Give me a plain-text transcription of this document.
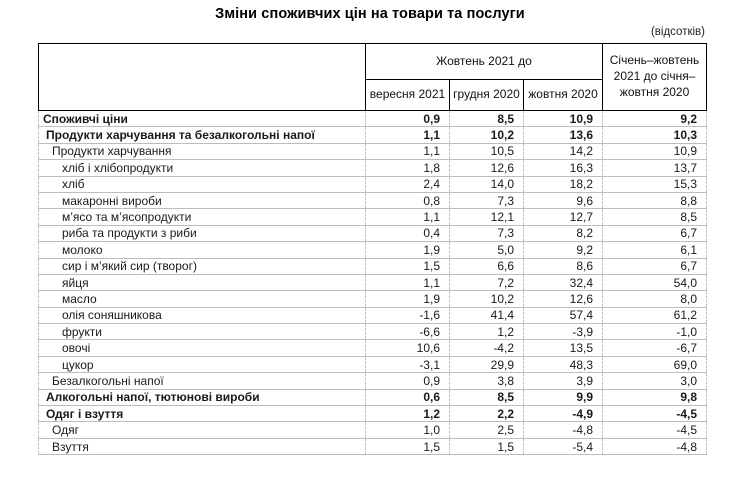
Зміни споживчих цін на товари та послуги
(відсотків)
	Жовтень 2021 до			Січень–жовтень 2021 до січня–жовтня 2020
	вересня 2021	грудня 2020	жовтня 2020	
Споживчі ціни	0,9	8,5	10,9	9,2
Продукти харчування та безалкогольні напої	1,1	10,2	13,6	10,3
Продукти харчування	1,1	10,5	14,2	10,9
хліб і хлібопродукти	1,8	12,6	16,3	13,7
хліб	2,4	14,0	18,2	15,3
макаронні вироби	0,8	7,3	9,6	8,8
м’ясо та м’ясопродукти	1,1	12,1	12,7	8,5
риба та продукти з риби	0,4	7,3	8,2	6,7
молоко	1,9	5,0	9,2	6,1
сир і м’який сир (творог)	1,5	6,6	8,6	6,7
яйця	1,1	7,2	32,4	54,0
масло	1,9	10,2	12,6	8,0
олія соняшникова	-1,6	41,4	57,4	61,2
фрукти	-6,6	1,2	-3,9	-1,0
овочі	10,6	-4,2	13,5	-6,7
цукор	-3,1	29,9	48,3	69,0
Безалкогольні напої	0,9	3,8	3,9	3,0
Алкогольні напої, тютюнові вироби	0,6	8,5	9,9	9,8
Одяг і взуття	1,2	2,2	-4,9	-4,5
Одяг	1,0	2,5	-4,8	-4,5
Взуття	1,5	1,5	-5,4	-4,8
